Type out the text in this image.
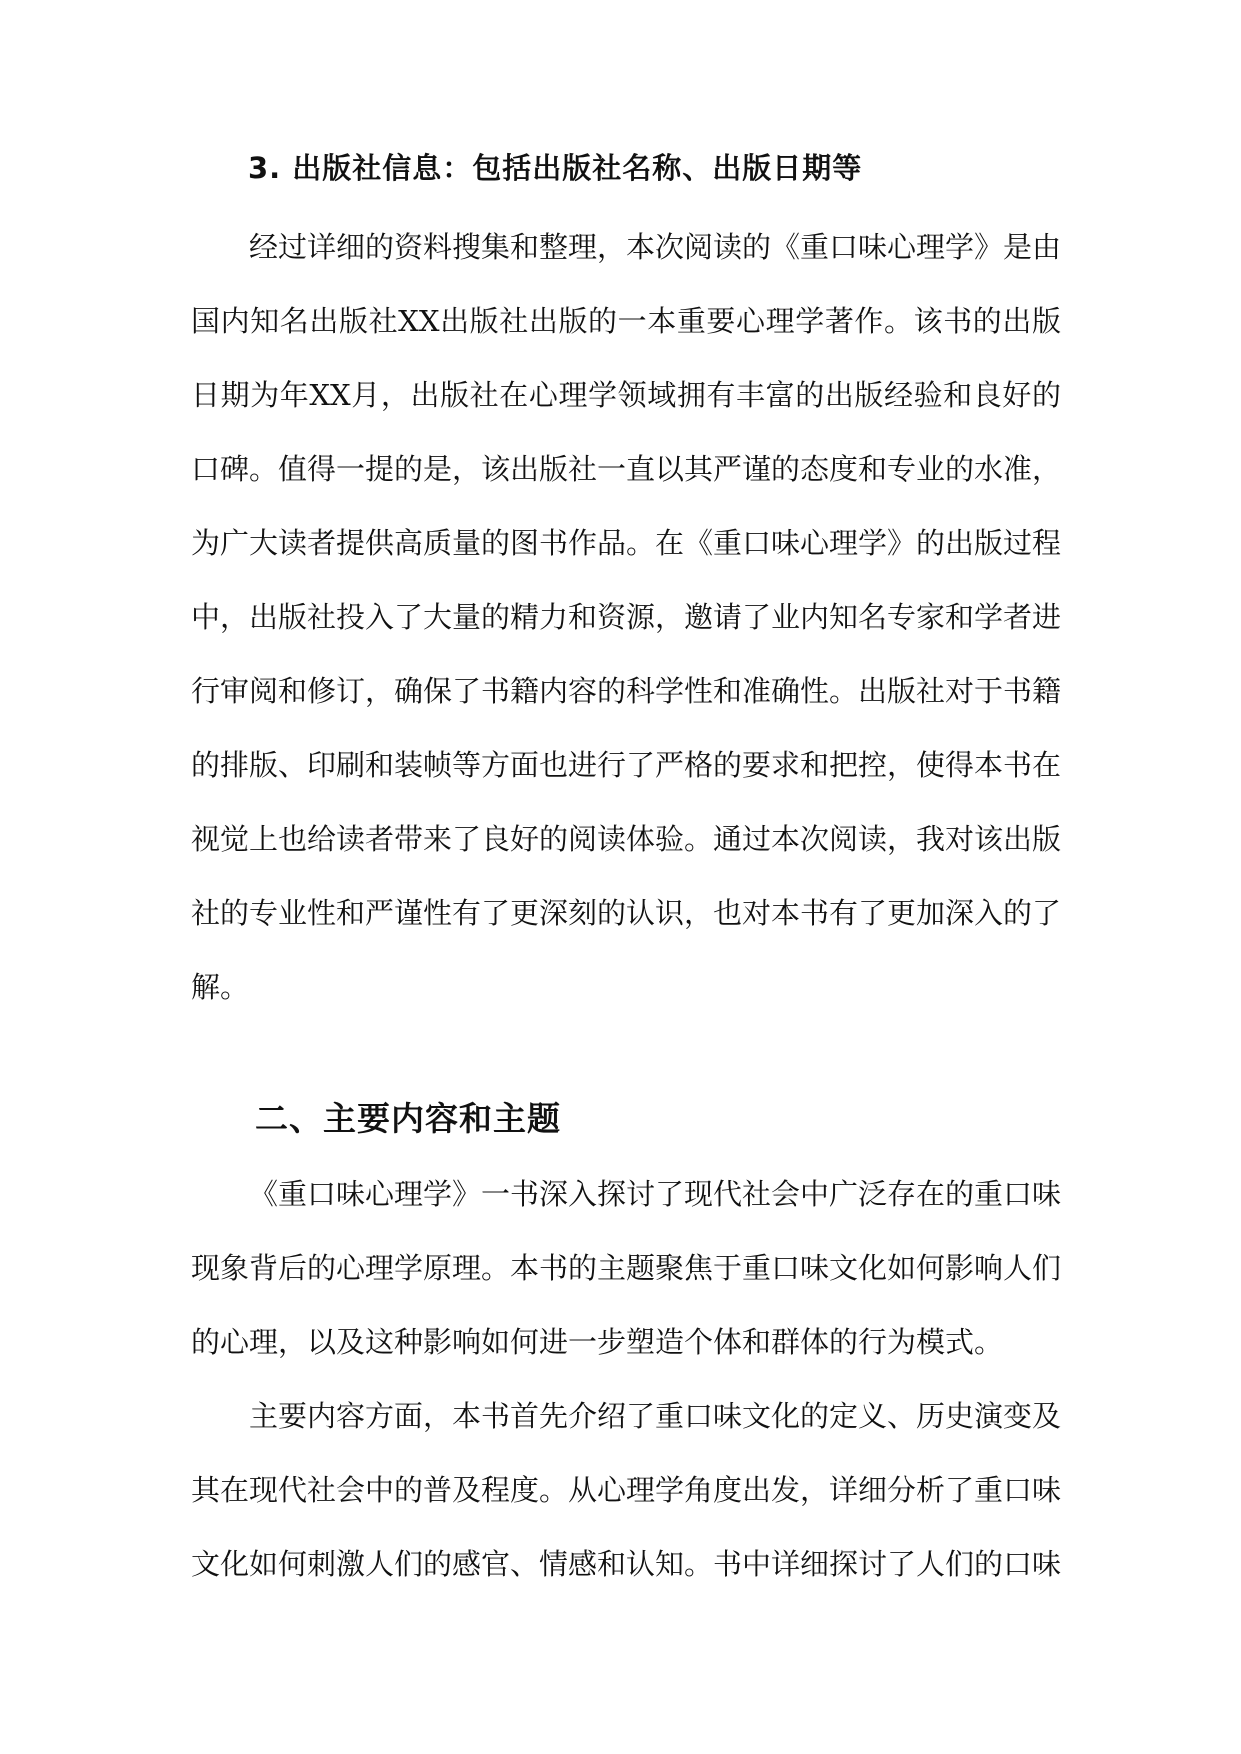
3. 出版社信息：包括出版社名称、出版日期等

经过详细的资料搜集和整理，本次阅读的《重口味心理学》是由国内知名出版社XX出版社出版的一本重要心理学著作。该书的出版日期为年XX月，出版社在心理学领域拥有丰富的出版经验和良好的口碑。值得一提的是，该出版社一直以其严谨的态度和专业的水准，为广大读者提供高质量的图书作品。在《重口味心理学》的出版过程中，出版社投入了大量的精力和资源，邀请了业内知名专家和学者进行审阅和修订，确保了书籍内容的科学性和准确性。出版社对于书籍的排版、印刷和装帧等方面也进行了严格的要求和把控，使得本书在视觉上也给读者带来了良好的阅读体验。通过本次阅读，我对该出版社的专业性和严谨性有了更深刻的认识，也对本书有了更加深入的了解。

二、主要内容和主题

《重口味心理学》一书深入探讨了现代社会中广泛存在的重口味现象背后的心理学原理。本书的主题聚焦于重口味文化如何影响人们的心理，以及这种影响如何进一步塑造个体和群体的行为模式。

主要内容方面，本书首先介绍了重口味文化的定义、历史演变及其在现代社会中的普及程度。从心理学角度出发，详细分析了重口味文化如何刺激人们的感官、情感和认知。书中详细探讨了人们的口味
